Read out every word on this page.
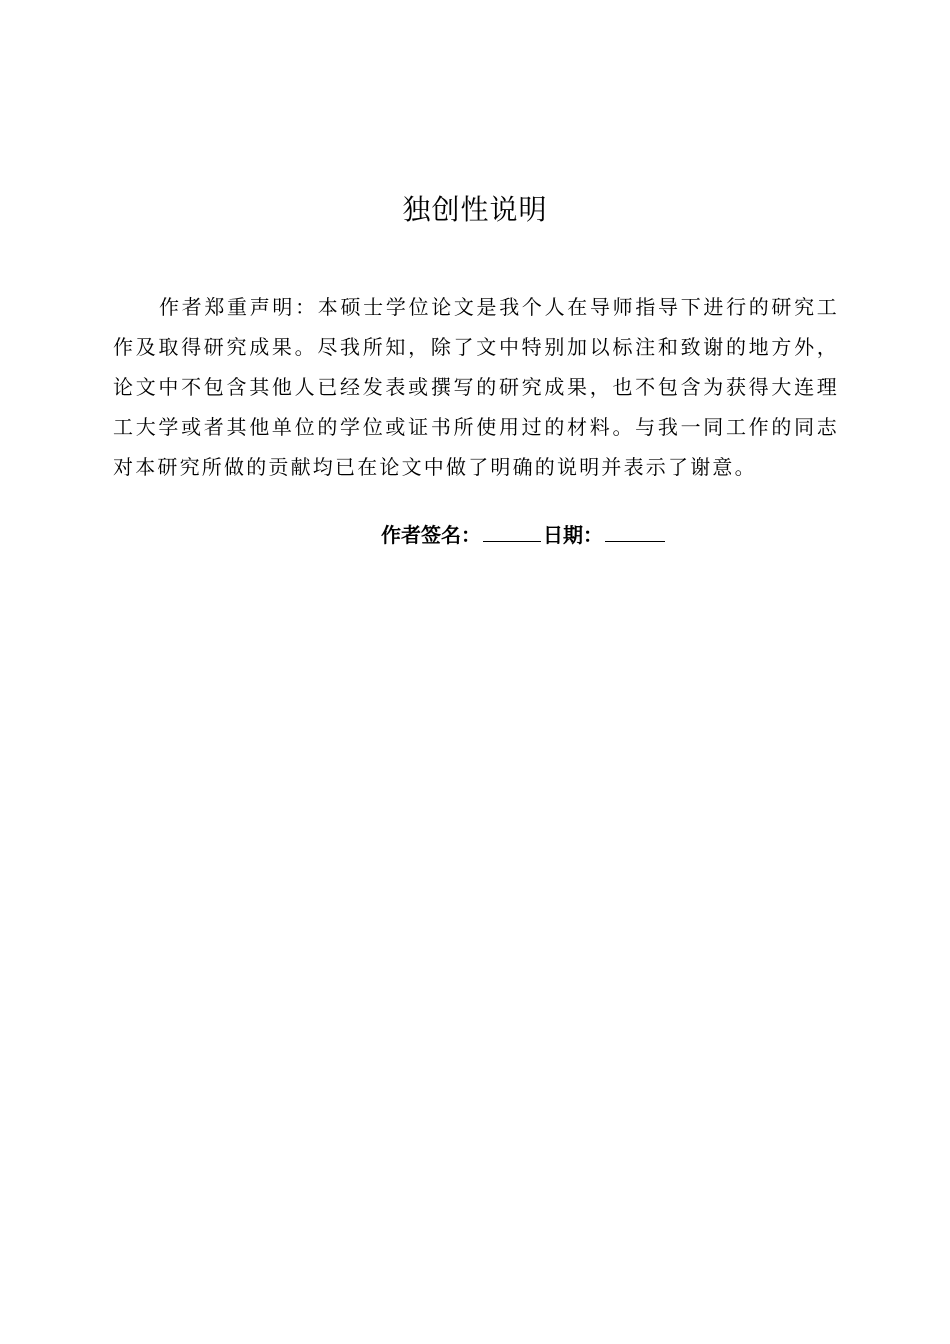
独创性说明

作者郑重声明：本硕士学位论文是我个人在导师指导下进行的研究工作及取得研究成果。尽我所知，除了文中特别加以标注和致谢的地方外，论文中不包含其他人已经发表或撰写的研究成果，也不包含为获得大连理工大学或者其他单位的学位或证书所使用过的材料。与我一同工作的同志对本研究所做的贡献均已在论文中做了明确的说明并表示了谢意。

作者签名：	日期：
